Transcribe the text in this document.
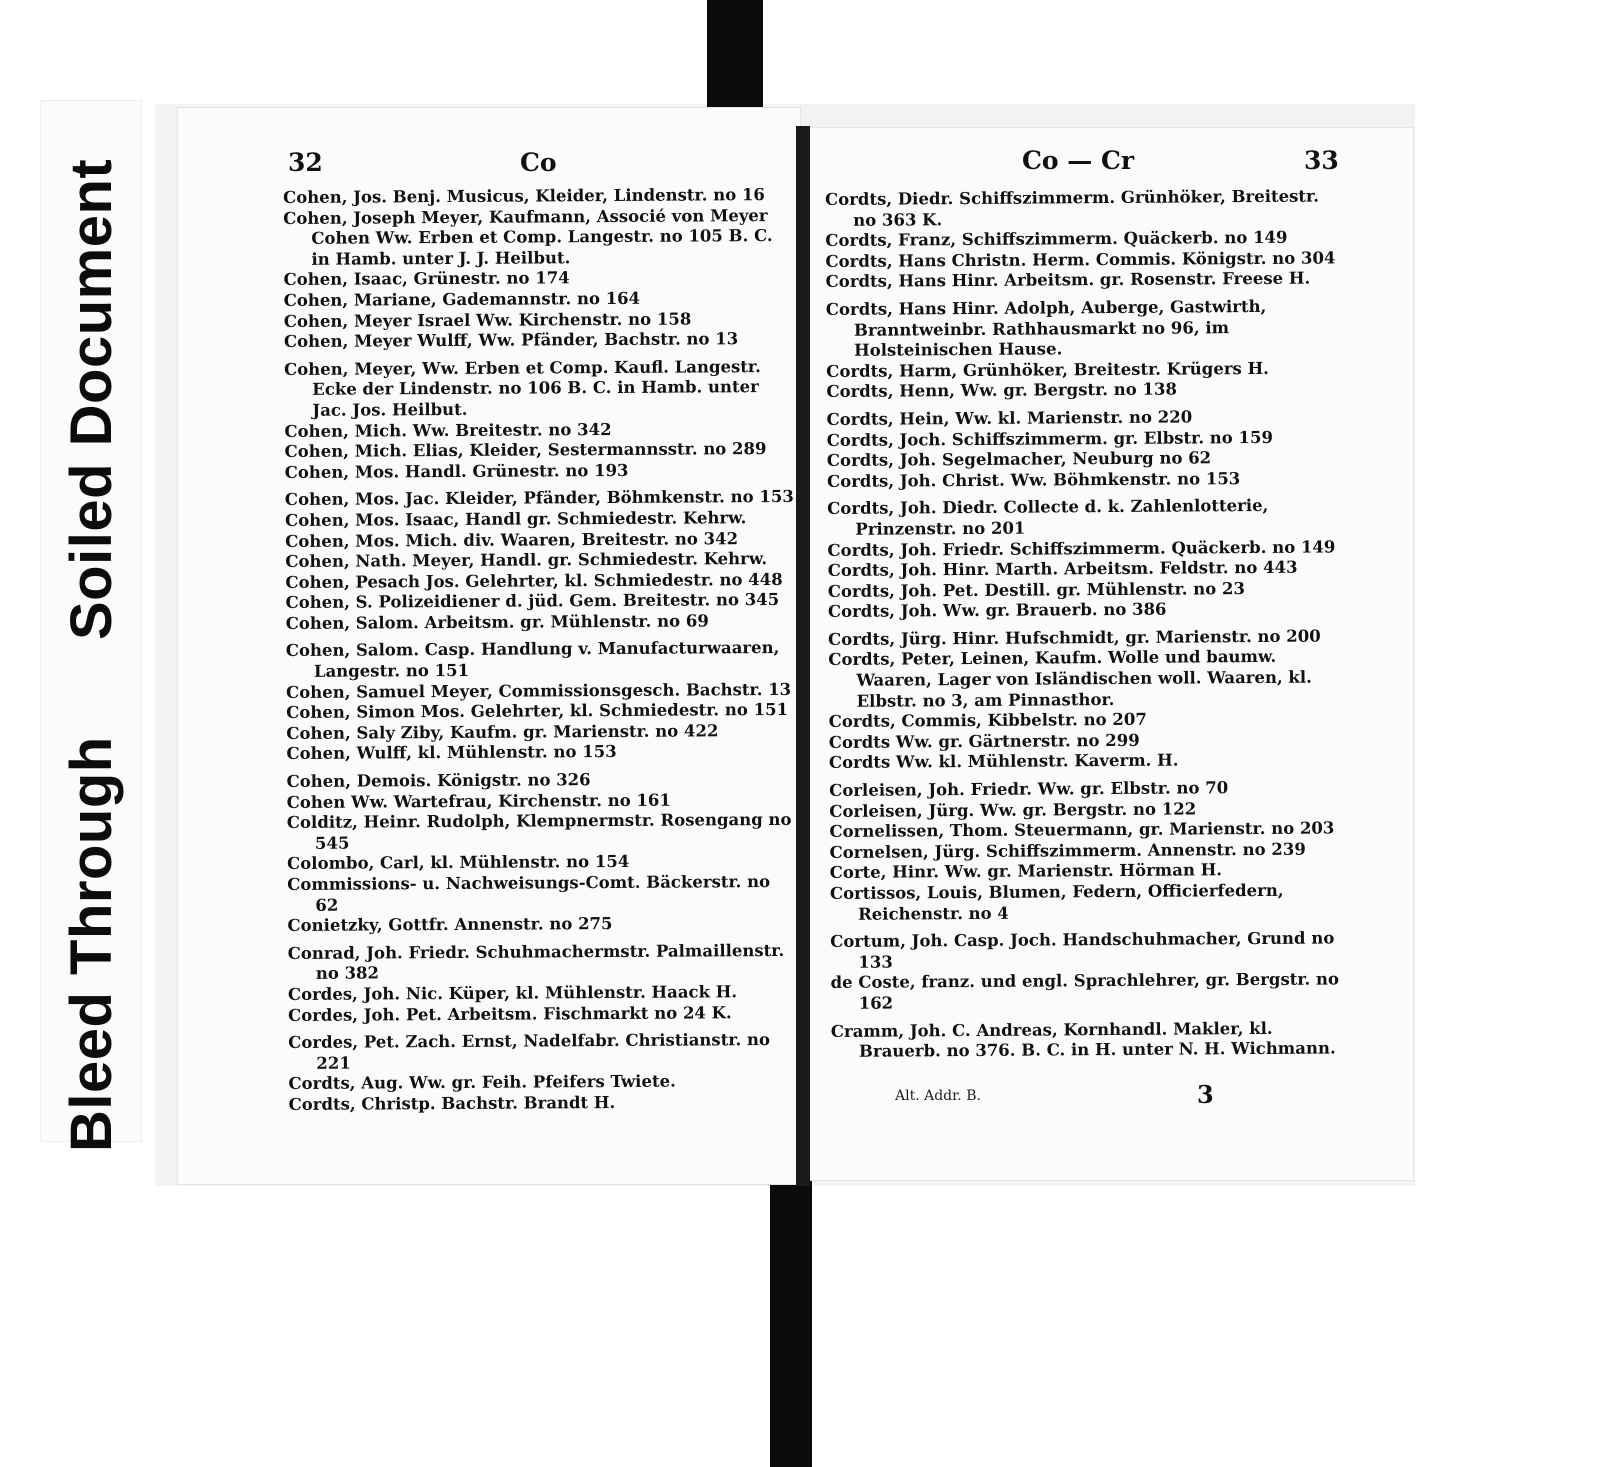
Soiled Document
Bleed Through
32	Co	Co — Cr	33
Cohen, Jos. Benj. Musicus, Kleider, Lindenstr. no 16
Cohen, Joseph Meyer, Kaufmann, Associé von Meyer Cohen Ww. Erben et Comp. Langestr. no 105 B. C. in Hamb. unter J. J. Heilbut.
Cohen, Isaac, Grünestr. no 174
Cohen, Mariane, Gademannstr. no 164
Cohen, Meyer Israel Ww. Kirchenstr. no 158
Cohen, Meyer Wulff, Ww. Pfänder, Bachstr. no 13
Cohen, Meyer, Ww. Erben et Comp. Kaufl. Langestr. Ecke der Lindenstr. no 106 B. C. in Hamb. unter Jac. Jos. Heilbut.
Cohen, Mich. Ww. Breitestr. no 342
Cohen, Mich. Elias, Kleider, Sestermannsstr. no 289
Cohen, Mos. Handl. Grünestr. no 193
Cohen, Mos. Jac. Kleider, Pfänder, Böhmkenstr. no 153
Cohen, Mos. Isaac, Handl gr. Schmiedestr. Kehrw.
Cohen, Mos. Mich. div. Waaren, Breitestr. no 342
Cohen, Nath. Meyer, Handl. gr. Schmiedestr. Kehrw.
Cohen, Pesach Jos. Gelehrter, kl. Schmiedestr. no 448
Cohen, S. Polizeidiener d. jüd. Gem. Breitestr. no 345
Cohen, Salom. Arbeitsm. gr. Mühlenstr. no 69
Cohen, Salom. Casp. Handlung v. Manufacturwaaren, Langestr. no 151
Cohen, Samuel Meyer, Commissionsgesch. Bachstr. 13
Cohen, Simon Mos. Gelehrter, kl. Schmiedestr. no 151
Cohen, Saly Ziby, Kaufm. gr. Marienstr. no 422
Cohen, Wulff, kl. Mühlenstr. no 153
Cohen, Demois. Königstr. no 326
Cohen Ww. Wartefrau, Kirchenstr. no 161
Colditz, Heinr. Rudolph, Klempnermstr. Rosengang no 545
Colombo, Carl, kl. Mühlenstr. no 154
Commissions- u. Nachweisungs-Comt. Bäckerstr. no 62
Conietzky, Gottfr. Annenstr. no 275
Conrad, Joh. Friedr. Schuhmachermstr. Palmaillenstr. no 382
Cordes, Joh. Nic. Küper, kl. Mühlenstr. Haack H.
Cordes, Joh. Pet. Arbeitsm. Fischmarkt no 24 K.
Cordes, Pet. Zach. Ernst, Nadelfabr. Christianstr. no 221
Cordts, Aug. Ww. gr. Feih. Pfeifers Twiete.
Cordts, Christp. Bachstr. Brandt H.
Cordts, Diedr. Schiffszimmerm. Grünhöker, Breitestr. no 363 K.
Cordts, Franz, Schiffszimmerm. Quäckerb. no 149
Cordts, Hans Christn. Herm. Commis. Königstr. no 304
Cordts, Hans Hinr. Arbeitsm. gr. Rosenstr. Freese H.
Cordts, Hans Hinr. Adolph, Auberge, Gastwirth, Branntweinbr. Rathhausmarkt no 96, im Holsteinischen Hause.
Cordts, Harm, Grünhöker, Breitestr. Krügers H.
Cordts, Henn, Ww. gr. Bergstr. no 138
Cordts, Hein, Ww. kl. Marienstr. no 220
Cordts, Joch. Schiffszimmerm. gr. Elbstr. no 159
Cordts, Joh. Segelmacher, Neuburg no 62
Cordts, Joh. Christ. Ww. Böhmkenstr. no 153
Cordts, Joh. Diedr. Collecte d. k. Zahlenlotterie, Prinzenstr. no 201
Cordts, Joh. Friedr. Schiffszimmerm. Quäckerb. no 149
Cordts, Joh. Hinr. Marth. Arbeitsm. Feldstr. no 443
Cordts, Joh. Pet. Destill. gr. Mühlenstr. no 23
Cordts, Joh. Ww. gr. Brauerb. no 386
Cordts, Jürg. Hinr. Hufschmidt, gr. Marienstr. no 200
Cordts, Peter, Leinen, Kaufm. Wolle und baumw. Waaren, Lager von Isländischen woll. Waaren, kl. Elbstr. no 3, am Pinnasthor.
Cordts, Commis, Kibbelstr. no 207
Cordts Ww. gr. Gärtnerstr. no 299
Cordts Ww. kl. Mühlenstr. Kaverm. H.
Corleisen, Joh. Friedr. Ww. gr. Elbstr. no 70
Corleisen, Jürg. Ww. gr. Bergstr. no 122
Cornelissen, Thom. Steuermann, gr. Marienstr. no 203
Cornelsen, Jürg. Schiffszimmerm. Annenstr. no 239
Corte, Hinr. Ww. gr. Marienstr. Hörman H.
Cortissos, Louis, Blumen, Federn, Officierfedern, Reichenstr. no 4
Cortum, Joh. Casp. Joch. Handschuhmacher, Grund no 133
de Coste, franz. und engl. Sprachlehrer, gr. Bergstr. no 162
Cramm, Joh. C. Andreas, Kornhandl. Makler, kl. Brauerb. no 376. B. C. in H. unter N. H. Wichmann.
Alt. Addr. B.	3
